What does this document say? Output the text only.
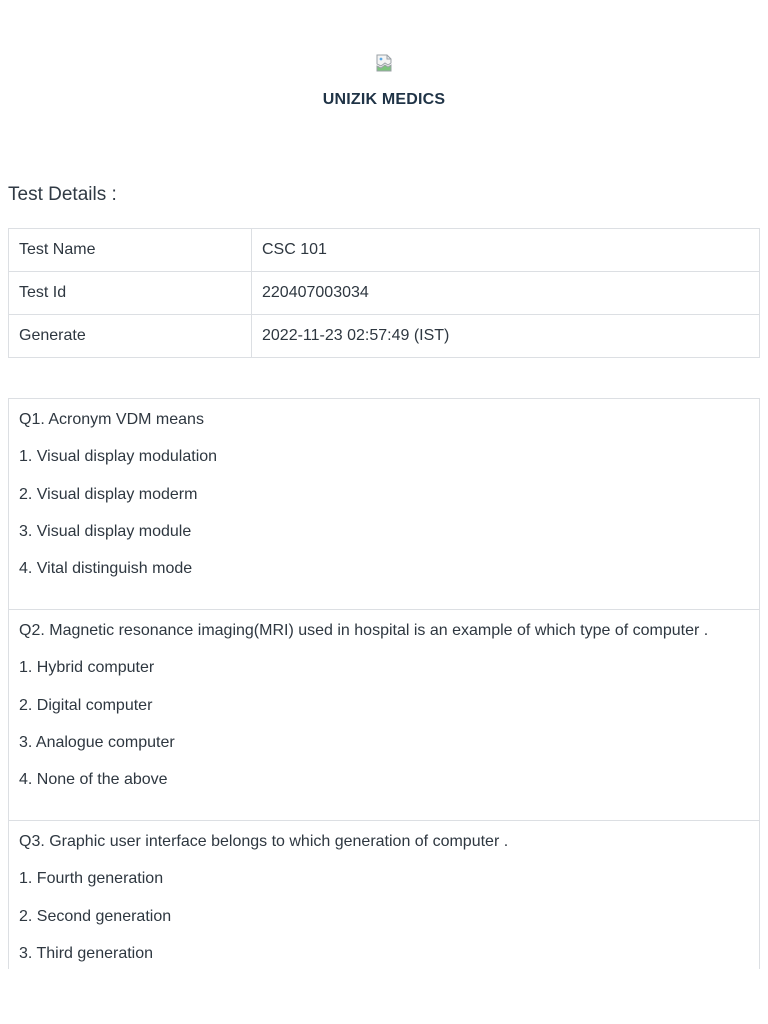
UNIZIK MEDICS
Test Details :
Test Name	CSC 101
Test Id	220407003034
Generate	2022-11-23 02:57:49 (IST)
Q1. Acronym VDM means
1. Visual display modulation
2. Visual display moderm
3. Visual display module
4. Vital distinguish mode
Q2. Magnetic resonance imaging(MRI) used in hospital is an example of which type of computer .
1. Hybrid computer
2. Digital computer
3. Analogue computer
4. None of the above
Q3. Graphic user interface belongs to which generation of computer .
1. Fourth generation
2. Second generation
3. Third generation
